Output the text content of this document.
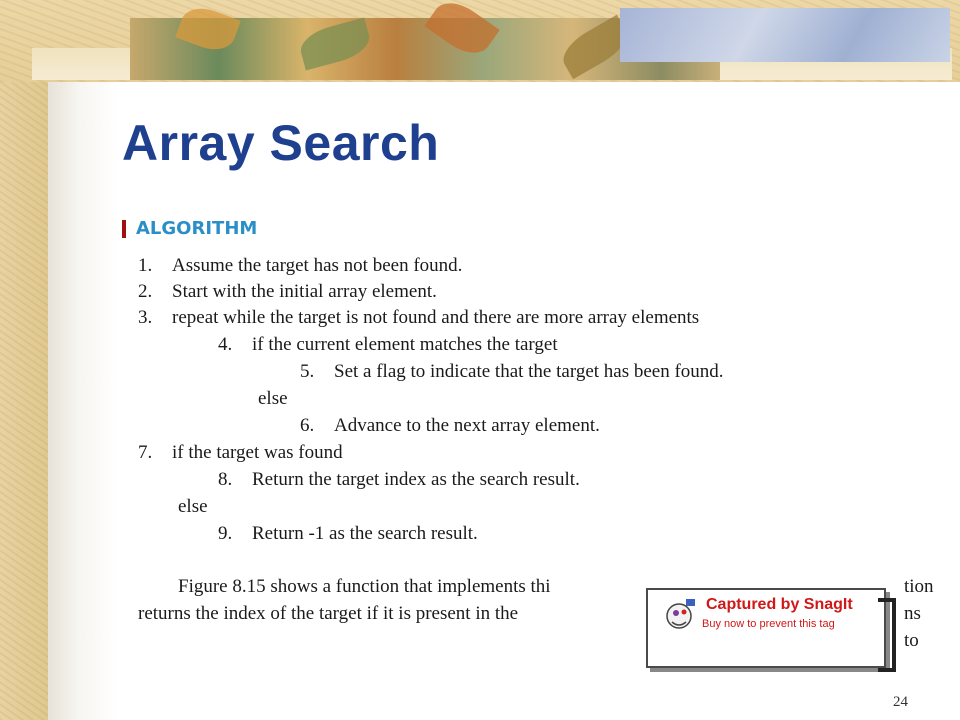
Array Search
ALGORITHM
1. Assume the target has not been found.
2. Start with the initial array element.
3. repeat while the target is not found and there are more array elements
4. if the current element matches the target
5. Set a flag to indicate that the target has been found.
else
6. Advance to the next array element.
7. if the target was found
8. Return the target index as the search result.
else
9. Return -1 as the search result.
Figure 8.15 shows a function that implements thi
returns the index of the target if it is present in the
tion
ns
to
Captured by SnagIt
Buy now to prevent this tag
24
